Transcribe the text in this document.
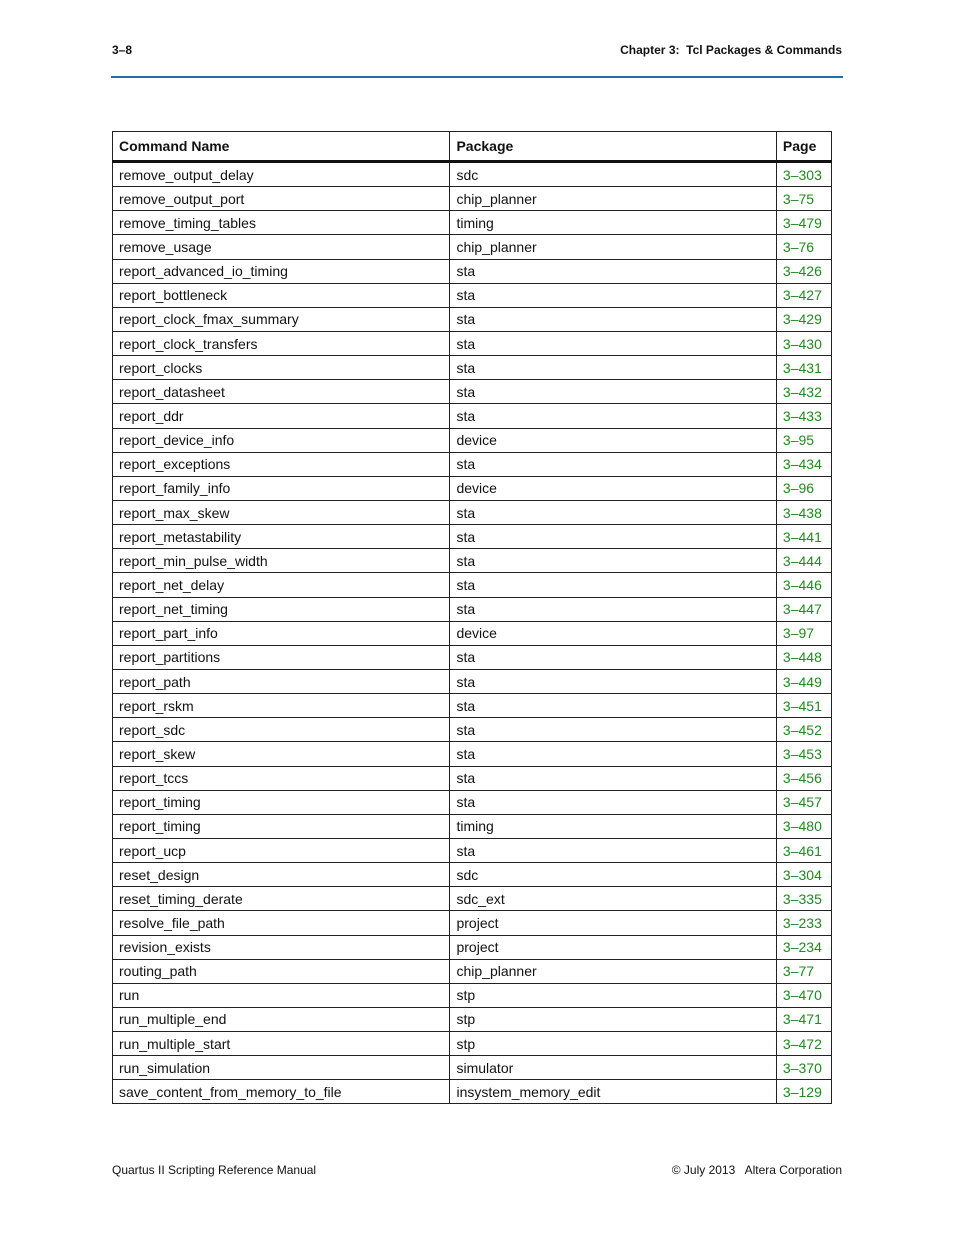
3–8	Chapter 3:  Tcl Packages & Commands
Command Name	Package	Page
remove_output_delay	sdc	3–303
remove_output_port	chip_planner	3–75
remove_timing_tables	timing	3–479
remove_usage	chip_planner	3–76
report_advanced_io_timing	sta	3–426
report_bottleneck	sta	3–427
report_clock_fmax_summary	sta	3–429
report_clock_transfers	sta	3–430
report_clocks	sta	3–431
report_datasheet	sta	3–432
report_ddr	sta	3–433
report_device_info	device	3–95
report_exceptions	sta	3–434
report_family_info	device	3–96
report_max_skew	sta	3–438
report_metastability	sta	3–441
report_min_pulse_width	sta	3–444
report_net_delay	sta	3–446
report_net_timing	sta	3–447
report_part_info	device	3–97
report_partitions	sta	3–448
report_path	sta	3–449
report_rskm	sta	3–451
report_sdc	sta	3–452
report_skew	sta	3–453
report_tccs	sta	3–456
report_timing	sta	3–457
report_timing	timing	3–480
report_ucp	sta	3–461
reset_design	sdc	3–304
reset_timing_derate	sdc_ext	3–335
resolve_file_path	project	3–233
revision_exists	project	3–234
routing_path	chip_planner	3–77
run	stp	3–470
run_multiple_end	stp	3–471
run_multiple_start	stp	3–472
run_simulation	simulator	3–370
save_content_from_memory_to_file	insystem_memory_edit	3–129
Quartus II Scripting Reference Manual	© July 2013   Altera Corporation
